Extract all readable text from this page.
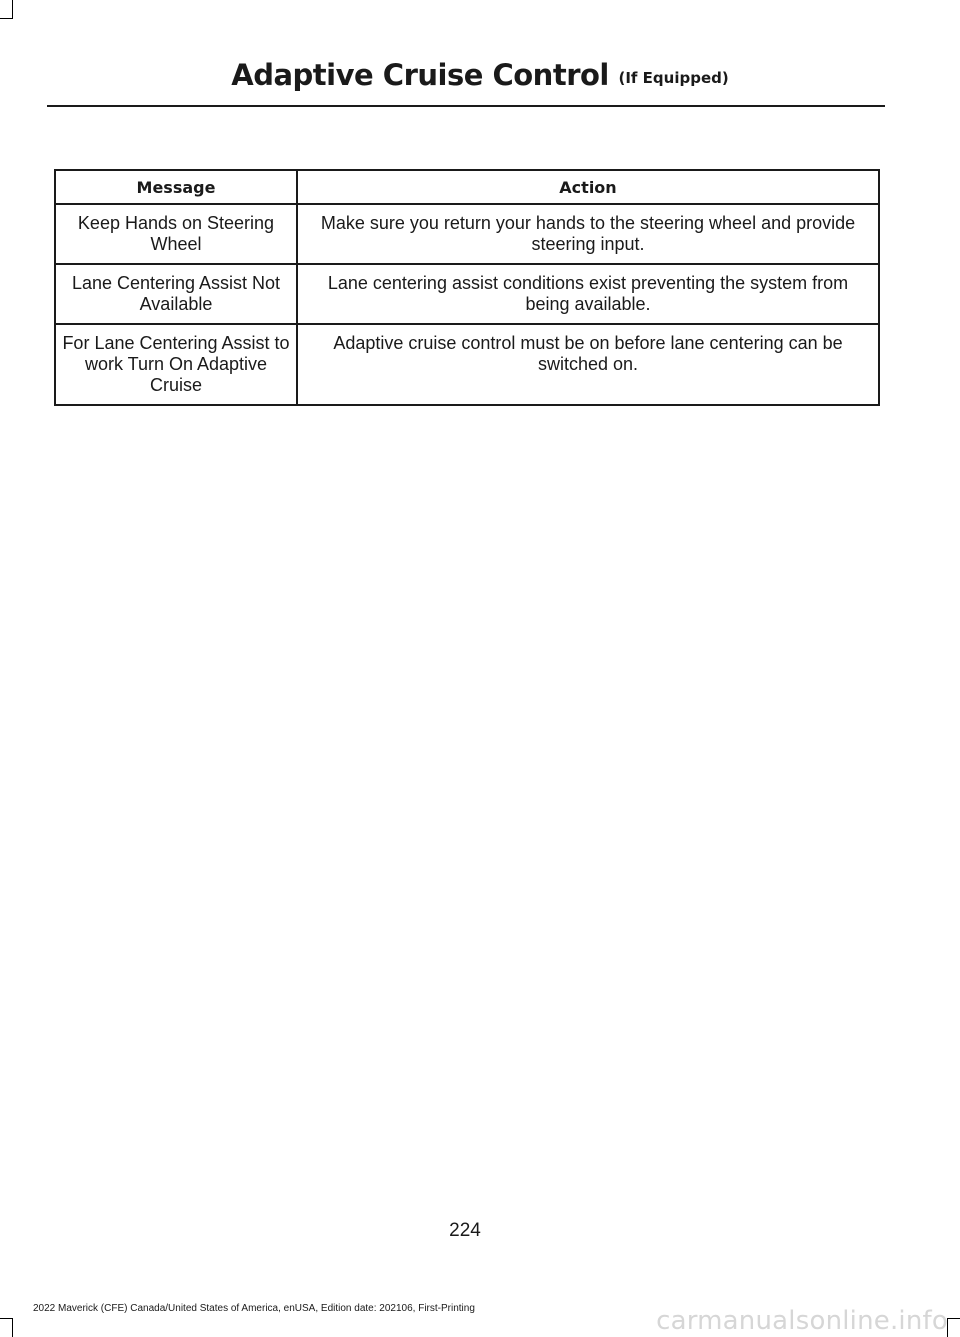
Adaptive Cruise Control (If Equipped)
Message	Action
Keep Hands on Steering Wheel	Make sure you return your hands to the steering wheel and provide steering input.
Lane Centering Assist Not Available	Lane centering assist conditions exist preventing the system from being available.
For Lane Centering Assist to work Turn On Adaptive Cruise	Adaptive cruise control must be on before lane centering can be switched on.
224
2022 Maverick (CFE) Canada/United States of America, enUSA, Edition date: 202106, First-Printing	carmanualsonline.info
